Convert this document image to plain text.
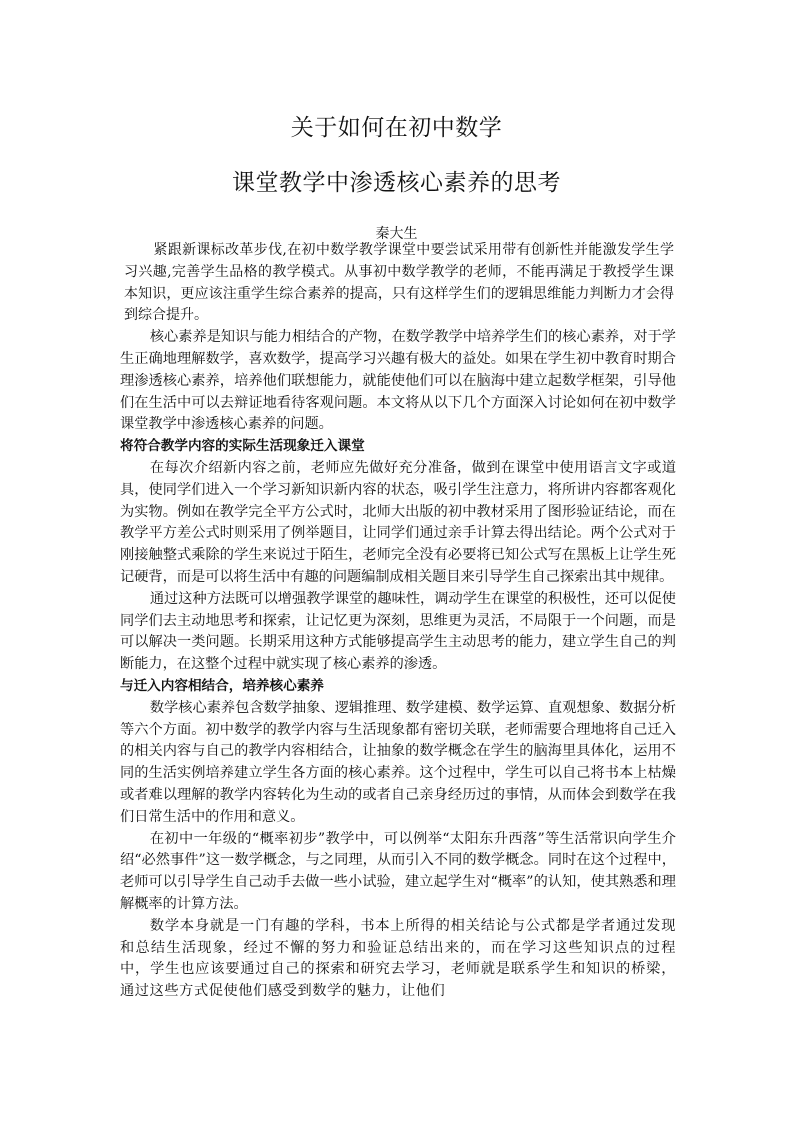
关于如何在初中数学
课堂教学中渗透核心素养的思考
秦大生

紧跟新课标改革步伐,在初中数学教学课堂中要尝试采用带有创新性并能激发学生学习兴趣,完善学生品格的教学模式。从事初中数学教学的老师，不能再满足于教授学生课本知识，更应该注重学生综合素养的提高，只有这样学生们的逻辑思维能力判断力才会得到综合提升。

核心素养是知识与能力相结合的产物，在数学教学中培养学生们的核心素养，对于学生正确地理解数学，喜欢数学，提高学习兴趣有极大的益处。如果在学生初中教育时期合理渗透核心素养，培养他们联想能力，就能使他们可以在脑海中建立起数学框架，引导他们在生活中可以去辩证地看待客观问题。本文将从以下几个方面深入讨论如何在初中数学课堂教学中渗透核心素养的问题。

将符合教学内容的实际生活现象迁入课堂

在每次介绍新内容之前，老师应先做好充分准备，做到在课堂中使用语言文字或道具，使同学们进入一个学习新知识新内容的状态，吸引学生注意力，将所讲内容都客观化为实物。例如在教学完全平方公式时，北师大出版的初中教材采用了图形验证结论，而在教学平方差公式时则采用了例举题目，让同学们通过亲手计算去得出结论。两个公式对于刚接触整式乘除的学生来说过于陌生，老师完全没有必要将已知公式写在黑板上让学生死记硬背，而是可以将生活中有趣的问题编制成相关题目来引导学生自己探索出其中规律。

通过这种方法既可以增强教学课堂的趣味性，调动学生在课堂的积极性，还可以促使同学们去主动地思考和探索，让记忆更为深刻，思维更为灵活，不局限于一个问题，而是可以解决一类问题。长期采用这种方式能够提高学生主动思考的能力，建立学生自己的判断能力，在这整个过程中就实现了核心素养的渗透。

与迁入内容相结合，培养核心素养

数学核心素养包含数学抽象、逻辑推理、数学建模、数学运算、直观想象、数据分析等六个方面。初中数学的教学内容与生活现象都有密切关联，老师需要合理地将自己迁入的相关内容与自己的教学内容相结合，让抽象的数学概念在学生的脑海里具体化，运用不同的生活实例培养建立学生各方面的核心素养。这个过程中，学生可以自己将书本上枯燥或者难以理解的教学内容转化为生动的或者自己亲身经历过的事情，从而体会到数学在我们日常生活中的作用和意义。

在初中一年级的“概率初步”教学中，可以例举“太阳东升西落”等生活常识向学生介绍“必然事件”这一数学概念，与之同理，从而引入不同的数学概念。同时在这个过程中，老师可以引导学生自己动手去做一些小试验，建立起学生对“概率”的认知，使其熟悉和理解概率的计算方法。

数学本身就是一门有趣的学科，书本上所得的相关结论与公式都是学者通过发现和总结生活现象，经过不懈的努力和验证总结出来的，而在学习这些知识点的过程中，学生也应该要通过自己的探索和研究去学习，老师就是联系学生和知识的桥梁，通过这些方式促使他们感受到数学的魅力，让他们
